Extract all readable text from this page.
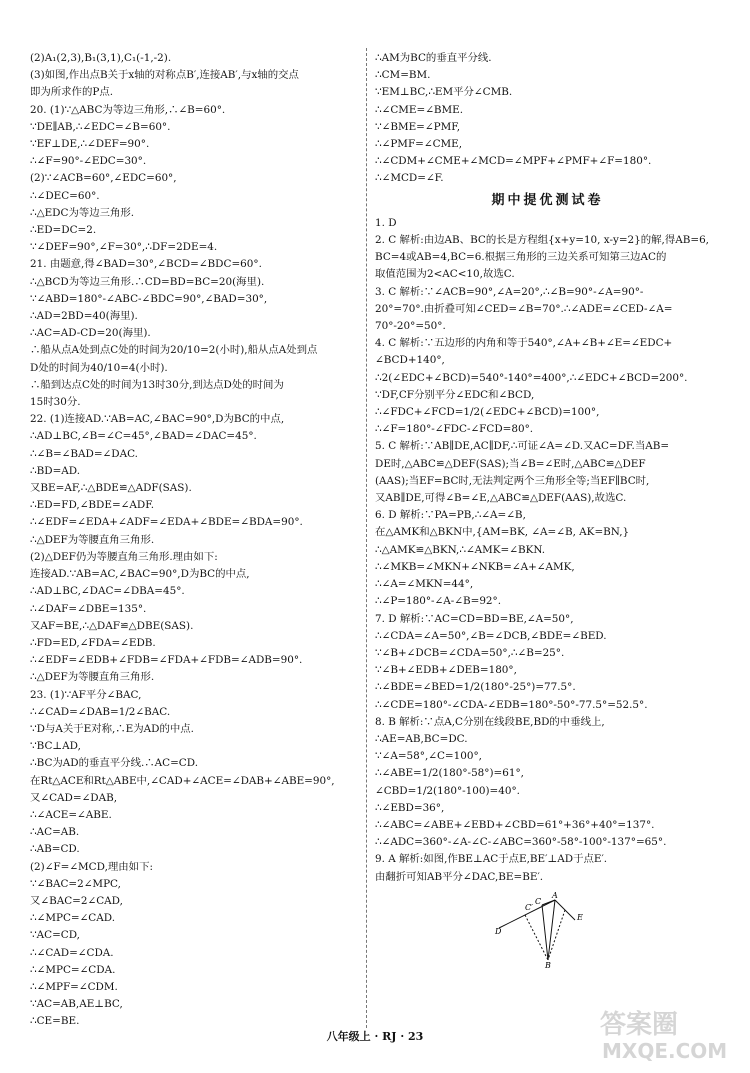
(2)A₁(2,3),B₁(3,1),C₁(-1,-2).
(3)如图,作出点B关于x轴的对称点B′,连接AB′,与x轴的交点
即为所求作的P点.
20. (1)∵△ABC为等边三角形,∴∠B=60°.
∵DE∥AB,∴∠EDC=∠B=60°.
∵EF⊥DE,∴∠DEF=90°.
∴∠F=90°-∠EDC=30°.
(2)∵∠ACB=60°,∠EDC=60°,
∴∠DEC=60°.
∴△EDC为等边三角形.
∴ED=DC=2.
∵∠DEF=90°,∠F=30°,∴DF=2DE=4.
21. 由题意,得∠BAD=30°,∠BCD=∠BDC=60°.
∴△BCD为等边三角形.∴CD=BD=BC=20(海里).
∵∠ABD=180°-∠ABC-∠BDC=90°,∠BAD=30°,
∴AD=2BD=40(海里).
∴AC=AD-CD=20(海里).
∴船从点A处到点C处的时间为20/10=2(小时),船从点A处到点
D处的时间为40/10=4(小时).
∴船到达点C处的时间为13时30分,到达点D处的时间为
15时30分.
22. (1)连接AD.∵AB=AC,∠BAC=90°,D为BC的中点,
∴AD⊥BC,∠B=∠C=45°,∠BAD=∠DAC=45°.
∴∠B=∠BAD=∠DAC.
∴BD=AD.
又BE=AF,∴△BDE≌△ADF(SAS).
∴ED=FD,∠BDE=∠ADF.
∴∠EDF=∠EDA+∠ADF=∠EDA+∠BDE=∠BDA=90°.
∴△DEF为等腰直角三角形.
(2)△DEF仍为等腰直角三角形.理由如下:
连接AD.∵AB=AC,∠BAC=90°,D为BC的中点,
∴AD⊥BC,∠DAC=∠DBA=45°.
∴∠DAF=∠DBE=135°.
又AF=BE,∴△DAF≌△DBE(SAS).
∴FD=ED,∠FDA=∠EDB.
∴∠EDF=∠EDB+∠FDB=∠FDA+∠FDB=∠ADB=90°.
∴△DEF为等腰直角三角形.
23. (1)∵AF平分∠BAC,
∴∠CAD=∠DAB=1/2∠BAC.
∵D与A关于E对称,∴E为AD的中点.
∵BC⊥AD,
∴BC为AD的垂直平分线.∴AC=CD.
在Rt△ACE和Rt△ABE中,∠CAD+∠ACE=∠DAB+∠ABE=90°,
又∠CAD=∠DAB,
∴∠ACE=∠ABE.
∴AC=AB.
∴AB=CD.
(2)∠F=∠MCD,理由如下:
∵∠BAC=2∠MPC,
又∠BAC=2∠CAD,
∴∠MPC=∠CAD.
∵AC=CD,
∴∠CAD=∠CDA.
∴∠MPC=∠CDA.
∴∠MPF=∠CDM.
∵AC=AB,AE⊥BC,
∴CE=BE.
∴AM为BC的垂直平分线.
∴CM=BM.
∵EM⊥BC,∴EM平分∠CMB.
∴∠CME=∠BME.
∵∠BME=∠PMF,
∴∠PMF=∠CME,
∴∠CDM+∠CME+∠MCD=∠MPF+∠PMF+∠F=180°.
∴∠MCD=∠F.
期中提优测试卷
1. D
2. C 解析:由边AB、BC的长是方程组{x+y=10, x-y=2}的解,得AB=6,
BC=4或AB=4,BC=6.根据三角形的三边关系可知第三边AC的
取值范围为2<AC<10,故选C.
3. C 解析:∵∠ACB=90°,∠A=20°,∴∠B=90°-∠A=90°-
20°=70°.由折叠可知∠CED=∠B=70°.∴∠ADE=∠CED-∠A=
70°-20°=50°.
4. C 解析:∵五边形的内角和等于540°,∠A+∠B+∠E=∠EDC+
∠BCD+140°,
∴2(∠EDC+∠BCD)=540°-140°=400°,∴∠EDC+∠BCD=200°.
∵DF,CF分别平分∠EDC和∠BCD,
∴∠FDC+∠FCD=1/2(∠EDC+∠BCD)=100°,
∴∠F=180°-∠FDC-∠FCD=80°.
5. C 解析:∵AB∥DE,AC∥DF,∴可证∠A=∠D.又AC=DF.当AB=
DE时,△ABC≌△DEF(SAS);当∠B=∠E时,△ABC≌△DEF
(AAS);当EF=BC时,无法判定两个三角形全等;当EF∥BC时,
又AB∥DE,可得∠B=∠E,△ABC≌△DEF(AAS),故选C.
6. D 解析:∵PA=PB,∴∠A=∠B,
在△AMK和△BKN中,{AM=BK, ∠A=∠B, AK=BN,}
∴△AMK≌△BKN,∴∠AMK=∠BKN.
∴∠MKB=∠MKN+∠NKB=∠A+∠AMK,
∴∠A=∠MKN=44°,
∴∠P=180°-∠A-∠B=92°.
7. D 解析:∵AC=CD=BD=BE,∠A=50°,
∴∠CDA=∠A=50°,∠B=∠DCB,∠BDE=∠BED.
∵∠B+∠DCB=∠CDA=50°,∴∠B=25°.
∵∠B+∠EDB+∠DEB=180°,
∴∠BDE=∠BED=1/2(180°-25°)=77.5°.
∴∠CDE=180°-∠CDA-∠EDB=180°-50°-77.5°=52.5°.
8. B 解析:∵点A,C分别在线段BE,BD的中垂线上,
∴AE=AB,BC=DC.
∵∠A=58°,∠C=100°,
∴∠ABE=1/2(180°-58°)=61°,
∠CBD=1/2(180°-100)=40°.
∴∠EBD=36°,
∴∠ABC=∠ABE+∠EBD+∠CBD=61°+36°+40°=137°.
∴∠ADC=360°-∠A-∠C-∠ABC=360°-58°-100°-137°=65°.
9. A 解析:如图,作BE⊥AC于点E,BE′⊥AD于点E′.
由翻折可知AB平分∠DAC,BE=BE′.
D
A
C
C′
E
B
八年级上 · RJ · 23	答案圈
MXQE.COM
